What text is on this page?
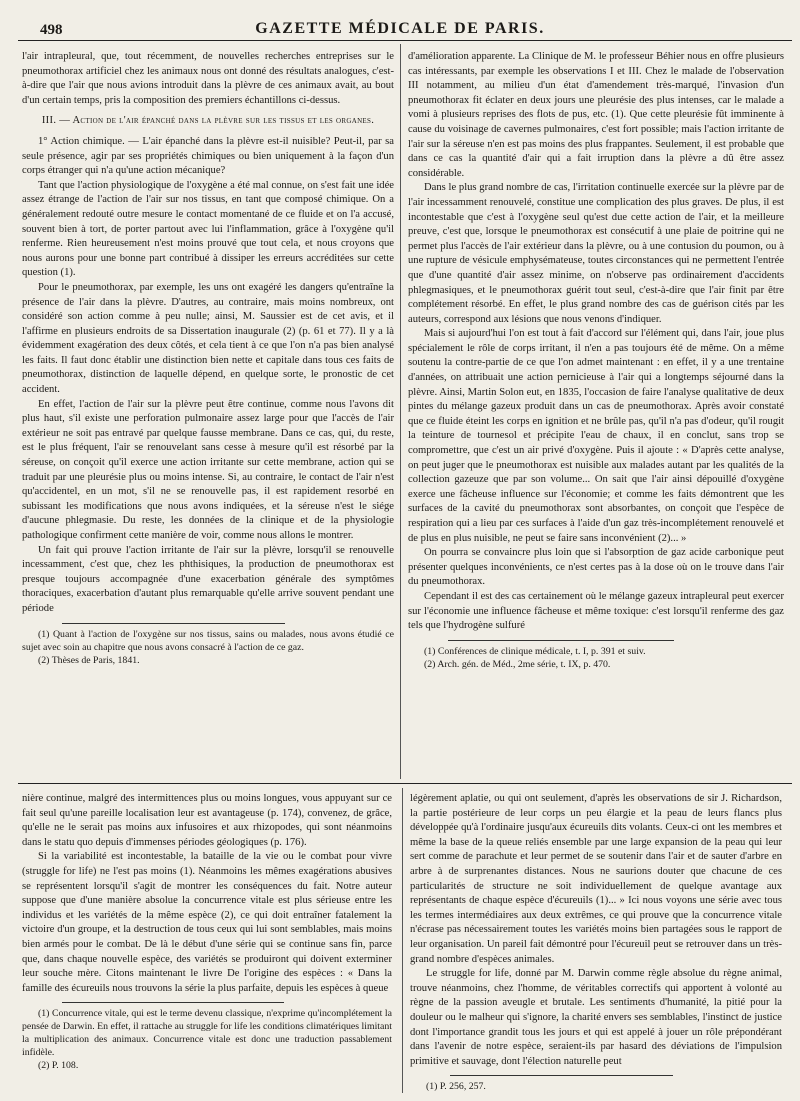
498	GAZETTE MÉDICALE DE PARIS.

l'air intrapleural, que, tout récemment, de nouvelles recherches entreprises sur le pneumothorax artificiel chez les animaux nous ont donné des résultats analogues, c'est-à-dire que l'air que nous avions introduit dans la plèvre de ces animaux avait, au bout d'un certain temps, pris la composition des premiers échantillons ci-dessus.

III. — Action de l'air épanché dans la plèvre sur les tissus et les organes.

1° Action chimique. — L'air épanché dans la plèvre est-il nuisible? Peut-il, par sa seule présence, agir par ses propriétés chimiques ou bien uniquement à la façon d'un corps étranger qui n'a qu'une action mécanique?

Tant que l'action physiologique de l'oxygène a été mal connue, on s'est fait une idée assez étrange de l'action de l'air sur nos tissus, en tant que composé chimique. On a généralement redouté outre mesure le contact momentané de ce fluide et on l'a accusé, souvent bien à tort, de porter partout avec lui l'inflammation, grâce à l'oxygène qu'il renferme. Rien heureusement n'est moins prouvé que tout cela, et nous croyons que nous aurons pour une bonne part contribué à dissiper les erreurs accréditées sur cette question (1).

Pour le pneumothorax, par exemple, les uns ont exagéré les dangers qu'entraîne la présence de l'air dans la plèvre. D'autres, au contraire, mais moins nombreux, ont considéré son action comme à peu nulle; ainsi, M. Saussier est de cet avis, et il l'affirme en plusieurs endroits de sa Dissertation inaugurale (2) (p. 61 et 77). Il y a là évidemment exagération des deux côtés, et cela tient à ce que l'on n'a pas bien analysé les faits. Il faut donc établir une distinction bien nette et capitale dans tous ces faits de pneumothorax, distinction de laquelle dépend, en quelque sorte, le pronostic de cet accident.

En effet, l'action de l'air sur la plèvre peut être continue, comme nous l'avons dit plus haut, s'il existe une perforation pulmonaire assez large pour que l'accès de l'air extérieur ne soit pas entravé par quelque fausse membrane. Dans ce cas, qui, du reste, est le plus fréquent, l'air se renouvelant sans cesse à mesure qu'il est résorbé par la séreuse, on conçoit qu'il exerce une action irritante sur cette membrane, action qui se traduit par une pleurésie plus ou moins intense. Si, au contraire, le contact de l'air n'est qu'accidentel, en un mot, s'il ne se renouvelle pas, il est rapidement resorbé en subissant les modifications que nous avons indiquées, et la séreuse n'est le siége d'aucune phlegmasie. Du reste, les données de la clinique et de la physiologie pathologique confirment cette manière de voir, comme nous allons le montrer.

Un fait qui prouve l'action irritante de l'air sur la plèvre, lorsqu'il se renouvelle incessamment, c'est que, chez les phthisiques, la production de pneumothorax est presque toujours accompagnée d'une exacerbation générale des symptômes thoraciques, exacerbation d'autant plus remarquable qu'elle arrive souvent pendant une période

(1) Quant à l'action de l'oxygène sur nos tissus, sains ou malades, nous avons étudié ce sujet avec soin au chapitre que nous avons consacré à l'action de ce gaz.

(2) Thèses de Paris, 1841.

d'amélioration apparente. La Clinique de M. le professeur Béhier nous en offre plusieurs cas intéressants, par exemple les observations I et III. Chez le malade de l'observation III notamment, au milieu d'un état d'amendement très-marqué, l'invasion d'un pneumothorax fit éclater en deux jours une pleurésie des plus intenses, car le malade a vomi à plusieurs reprises des flots de pus, etc. (1). Que cette pleurésie fût imminente à cause du voisinage de cavernes pulmonaires, c'est fort possible; mais l'action irritante de l'air sur la séreuse n'en est pas moins des plus frappantes. Seulement, il est probable que dans ce cas la quantité d'air qui a fait irruption dans la plèvre a dû être assez considérable.

Dans le plus grand nombre de cas, l'irritation continuelle exercée sur la plèvre par de l'air incessamment renouvelé, constitue une complication des plus graves. De plus, il est incontestable que c'est à l'oxygène seul qu'est due cette action de l'air, et la meilleure preuve, c'est que, lorsque le pneumothorax est consécutif à une plaie de poitrine qui ne permet plus l'accès de l'air extérieur dans la plèvre, ou à une contusion du poumon, ou à une rupture de vésicule emphysémateuse, toutes circonstances qui ne permettent l'entrée que d'une quantité d'air assez minime, on n'observe pas ordinairement d'accidents phlegmasiques, et le pneumothorax guérit tout seul, c'est-à-dire que l'air finit par être complétement résorbé. En effet, le plus grand nombre des cas de guérison cités par les auteurs, correspond aux lésions que nous venons d'indiquer.

Mais si aujourd'hui l'on est tout à fait d'accord sur l'élément qui, dans l'air, joue plus spécialement le rôle de corps irritant, il n'en a pas toujours été de même. On a même soutenu la contre-partie de ce que l'on admet maintenant : en effet, il y a une trentaine d'années, on attribuait une action pernicieuse à l'air qui a longtemps séjourné dans la plèvre. Ainsi, Martin Solon eut, en 1835, l'occasion de faire l'analyse qualitative de deux pintes du mélange gazeux produit dans un cas de pneumothorax. Après avoir constaté que ce fluide éteint les corps en ignition et ne brûle pas, qu'il n'a pas d'odeur, qu'il rougit la teinture de tournesol et précipite l'eau de chaux, il en conclut, sans trop se compromettre, que c'est un air privé d'oxygène. Puis il ajoute : « D'après cette analyse, on peut juger que le pneumothorax est nuisible aux malades autant par les qualités de la collection gazeuze que par son volume... On sait que l'air ainsi dépouillé d'oxygène exerce une fâcheuse influence sur l'économie; et comme les faits démontrent que les surfaces de la cavité du pneumothorax sont absorbantes, on conçoit que l'espèce de respiration qui a lieu par ces surfaces à l'aide d'un gaz très-incomplétement renouvelé et de plus en plus nuisible, ne peut se faire sans inconvénient (2)... »

On pourra se convaincre plus loin que si l'absorption de gaz acide carbonique peut présenter quelques inconvénients, ce n'est certes pas à la dose où on le trouve dans l'air du pneumothorax.

Cependant il est des cas certainement où le mélange gazeux intrapleural peut exercer sur l'économie une influence fâcheuse et même toxique: c'est lorsqu'il renferme des gaz tels que l'hydrogène sulfuré

(1) Conférences de clinique médicale, t. I, p. 391 et suiv.

(2) Arch. gén. de Méd., 2me série, t. IX, p. 470.

nière continue, malgré des intermittences plus ou moins longues, vous appuyant sur ce fait seul qu'une pareille localisation leur est avantageuse (p. 174), convenez, de grâce, qu'elle ne le serait pas moins aux infusoires et aux rhizopodes, qui sont néanmoins dans le statu quo depuis d'immenses périodes géologiques (p. 176).

Si la variabilité est incontestable, la bataille de la vie ou le combat pour vivre (struggle for life) ne l'est pas moins (1). Néanmoins les mêmes exagérations abusives se représentent lorsqu'il s'agit de montrer les conséquences du fait. Notre auteur suppose que d'une manière absolue la concurrence vitale est plus sérieuse entre les individus et les variétés de la même espèce (2), ce qui doit entraîner fatalement la victoire d'un groupe, et la destruction de tous ceux qui lui sont semblables, mais moins bien armés pour le combat. De là le début d'une série qui se continue sans fin, parce que, dans chaque nouvelle espèce, des variétés se produiront qui doivent exterminer leur souche mère. Citons maintenant le livre De l'origine des espèces : « Dans la famille des écureuils nous trouvons la série la plus parfaite, depuis les espèces à queue

(1) Concurrence vitale, qui est le terme devenu classique, n'exprime qu'incomplétement la pensée de Darwin. En effet, il rattache au struggle for life les conditions climatériques limitant la multiplication des animaux. Concurrence vitale est donc une traduction passablement infidèle.

(2) P. 108.

légèrement aplatie, ou qui ont seulement, d'après les observations de sir J. Richardson, la partie postérieure de leur corps un peu élargie et la peau de leurs flancs plus développée qu'à l'ordinaire jusqu'aux écureuils dits volants. Ceux-ci ont les membres et même la base de la queue reliés ensemble par une large expansion de la peau qui leur sert comme de parachute et leur permet de se soutenir dans l'air et de sauter d'arbre en arbre à de surprenantes distances. Nous ne saurions douter que chacune de ces particularités de structure ne soit individuellement de quelque avantage aux représentants de chaque espèce d'écureuils (1)... » Ici nous voyons une série avec tous les termes intermédiaires aux deux extrêmes, ce qui prouve que la concurrence vitale n'écrase pas nécessairement toutes les variétés moins bien partagées sous le rapport de leur organisation. Un pareil fait démontré pour l'écureuil peut se retrouver dans un très-grand nombre d'espèces animales.

Le struggle for life, donné par M. Darwin comme règle absolue du règne animal, trouve néanmoins, chez l'homme, de véritables correctifs qui apportent à volonté au règne de la passion aveugle et brutale. Les sentiments d'humanité, la pitié pour la douleur ou le malheur qui s'ignore, la charité envers ses semblables, l'instinct de justice dont l'importance grandit tous les jours et qui est appelé à jouer un rôle prépondérant dans l'avenir de notre espèce, seraient-ils par hasard des déviations de l'impulsion primitive et sauvage, dont l'élection naturelle peut

(1) P. 256, 257.
